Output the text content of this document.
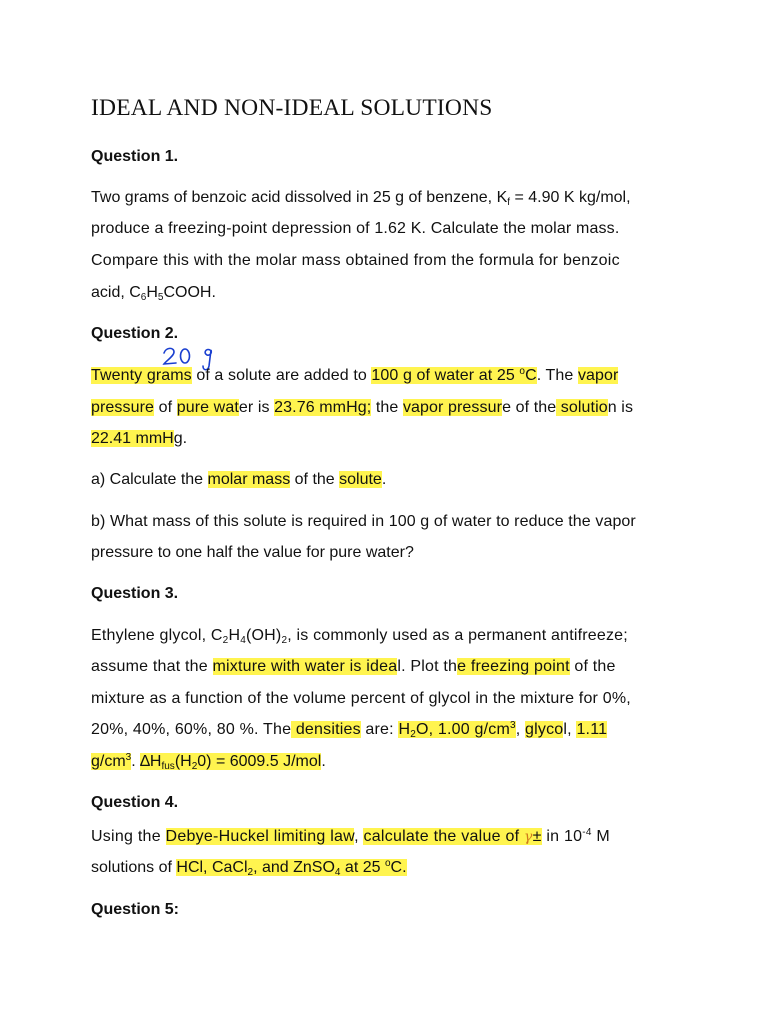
IDEAL AND NON-IDEAL SOLUTIONS
Question 1.
Two grams of benzoic acid dissolved in 25 g of benzene, $K_f = 4.90$ K kg/mol,
produce a freezing-point depression of 1.62 K. Calculate the molar mass.
Compare this with the molar mass obtained from the formula for benzoic
acid, $C_6H_5COOH$.
Question 2.
Twenty grams of a solute are added to 100 g of water at 25 $^o$C. The vapor
pressure of pure water is 23.76 mmHg; the vapor pressure of the solution is
22.41 mmHg.
a) Calculate the molar mass of the solute.
b) What mass of this solute is required in 100 g of water to reduce the vapor
pressure to one half the value for pure water?
Question 3.
Ethylene glycol, $C_2H_4(OH)_2$, is commonly used as a permanent antifreeze;
assume that the mixture with water is ideal. Plot the freezing point of the
mixture as a function of the volume percent of glycol in the mixture for 0%,
20%, 40%, 60%, 80 %. The densities are: $H_2O$, 1.00 $g/cm^3$, glycol, 1.11
$g/cm^3$. $\Delta H_{fus}(H_20) = 6009.5$ J/mol.
Question 4.
Using the Debye-Huckel limiting law, calculate the value of γ± in $10^{-4}$ M
solutions of HCl, CaCl$_2$, and ZnSO$_4$ at 25 $^o$C.
Question 5:
